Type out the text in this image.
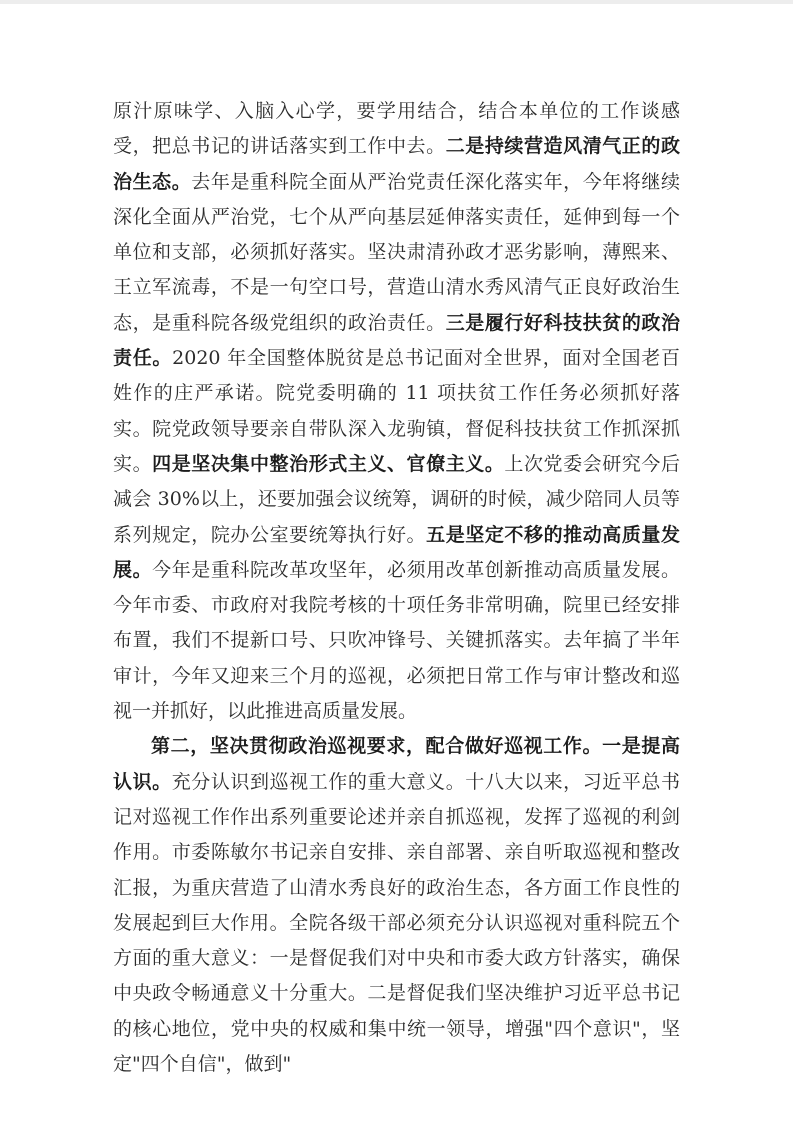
原汁原味学、入脑入心学，要学用结合，结合本单位的工作谈感受，把总书记的讲话落实到工作中去。二是持续营造风清气正的政治生态。去年是重科院全面从严治党责任深化落实年，今年将继续深化全面从严治党，七个从严向基层延伸落实责任，延伸到每一个单位和支部，必须抓好落实。坚决肃清孙政才恶劣影响，薄熙来、王立军流毒，不是一句空口号，营造山清水秀风清气正良好政治生态，是重科院各级党组织的政治责任。三是履行好科技扶贫的政治责任。2020 年全国整体脱贫是总书记面对全世界，面对全国老百姓作的庄严承诺。院党委明确的 11 项扶贫工作任务必须抓好落实。院党政领导要亲自带队深入龙驹镇，督促科技扶贫工作抓深抓实。四是坚决集中整治形式主义、官僚主义。上次党委会研究今后减会 30%以上，还要加强会议统筹，调研的时候，减少陪同人员等系列规定，院办公室要统筹执行好。五是坚定不移的推动高质量发展。今年是重科院改革攻坚年，必须用改革创新推动高质量发展。今年市委、市政府对我院考核的十项任务非常明确，院里已经安排布置，我们不提新口号、只吹冲锋号、关键抓落实。去年搞了半年审计，今年又迎来三个月的巡视，必须把日常工作与审计整改和巡视一并抓好，以此推进高质量发展。

第二，坚决贯彻政治巡视要求，配合做好巡视工作。一是提高认识。充分认识到巡视工作的重大意义。十八大以来，习近平总书记对巡视工作作出系列重要论述并亲自抓巡视，发挥了巡视的利剑作用。市委陈敏尔书记亲自安排、亲自部署、亲自听取巡视和整改汇报，为重庆营造了山清水秀良好的政治生态，各方面工作良性的发展起到巨大作用。全院各级干部必须充分认识巡视对重科院五个方面的重大意义：一是督促我们对中央和市委大政方针落实，确保中央政令畅通意义十分重大。二是督促我们坚决维护习近平总书记的核心地位，党中央的权威和集中统一领导，增强"四个意识"，坚定"四个自信"，做到"
